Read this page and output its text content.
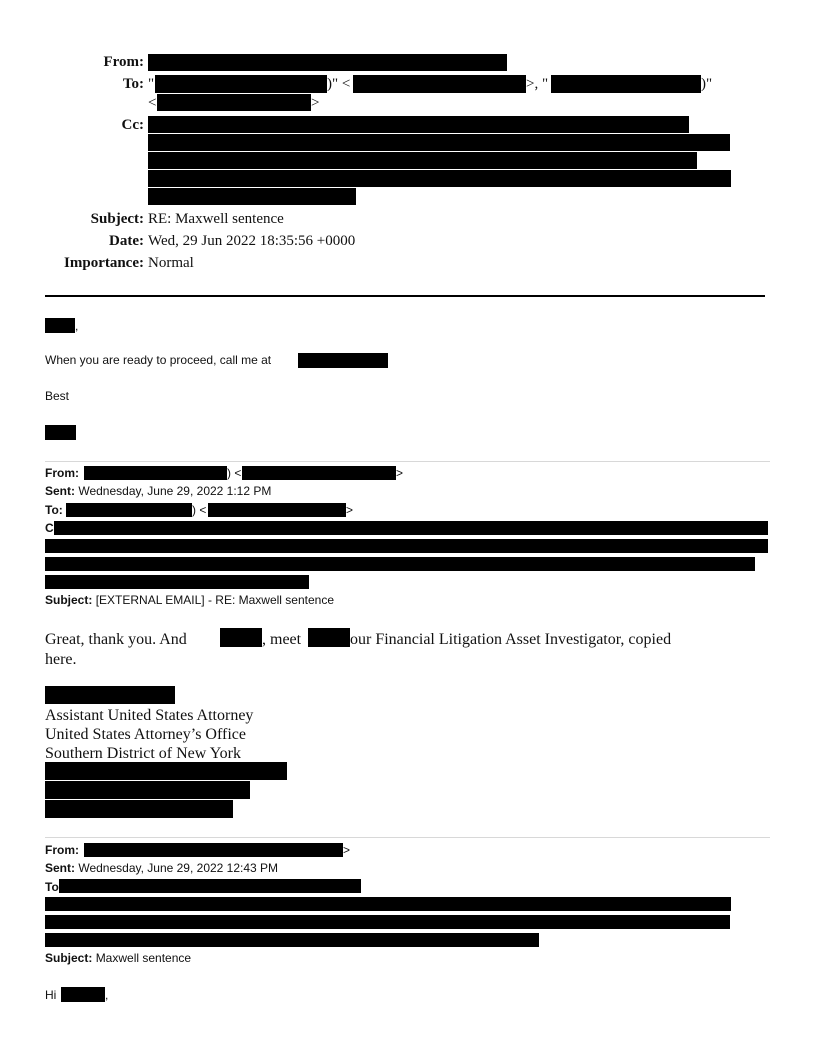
From:
To: "	)" <	>, "	)"
<	>
Cc:
Subject: RE: Maxwell sentence
Date: Wed, 29 Jun 2022 18:35:56 +0000
Importance: Normal
,
When you are ready to proceed, call me at
Best
From:	) <	>
Sent: Wednesday, June 29, 2022 1:12 PM
To:	) <	>
C
Subject: [EXTERNAL EMAIL] - RE: Maxwell sentence
Great, thank you. And	, meet	our Financial Litigation Asset Investigator, copied
here.
Assistant United States Attorney
United States Attorney’s Office
Southern District of New York
From:	>
Sent: Wednesday, June 29, 2022 12:43 PM
To
Subject: Maxwell sentence
Hi	,
